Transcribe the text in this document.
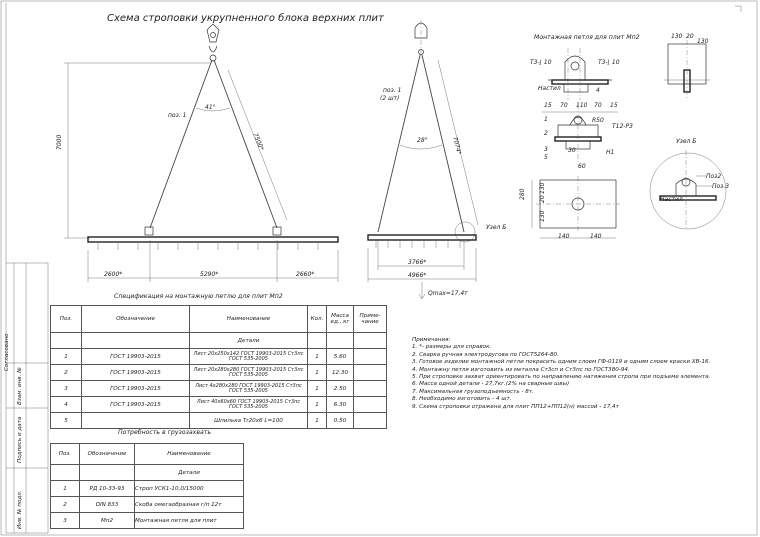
Схема строповки укрупненного блока верхних плит
поз. 1
41°
7000	7500*
2600*	5290*	2660*
поз. 1
(2 шт)
28°	7074*
Узел Б
3766*
4966*
Qmax=17,4т
Монтажная петля для плит Мп2
Т3-⌊ 10	Т3-⌊ 10
Настил	4
15 70 110 70 15
R50
Т12-Р3
1
2
3
5
30	Н1
60
280
130
20
130
140	140
130 20
130
Узел Б
Поз2
Поз.3
Настил
Спецификация на монтажную петлю для плит Мп2
Поз.	Обозначение	Наименование	Кол.	Масса ед., кг	Приме- чание
		Детали			
1	ГОСТ 19903-2015	Лист 20х250х142 ГОСТ 19903-2015 Ст3пс ГОСТ 535-2005	1	5.60	
2	ГОСТ 19903-2015	Лист 20х280х280 ГОСТ 19903-2015 Ст3пс ГОСТ 535-2005	1	12.30	
3	ГОСТ 19903-2015	Лист 4х280х280 ГОСТ 19903-2015 Ст3пс ГОСТ 535-2005	1	2.50	
4	ГОСТ 19903-2015	Лист 40х60х60 ГОСТ 19903-2015 Ст3пс ГОСТ 535-2005	1	6.30	
5		Шпилька Тr20х6 L=100	1	0.50	
Потребность в грузозахвать
Поз.	Обозначение	Наименование
		Детали
1	РД 10-33-93	Строп УСК1-10,0/15000
2	DIN 833	Скоба омегаобразная г/п 12т
3	Мп2	Монтажная петля для плит
Примечания:
1. *- размеры для справок.
2. Сварка ручная электродугова по ГОСТ5264-80.
3. Готовое изделие монтажной петли покрасить одним слоем ГФ-0119 и одним слоем краски ХВ-16.
4. Монтажну петля изготовить из металла Ст3сп и Ст3пс по ГОСТ380-94.
5. При строповке захват ориентировать по направлению натяжения стропа при подъеме элемента.
6. Масса одной детали - 27,7кг.(2% на сварные швы)
7. Максимальная грузоподъемность - 8т.
8. Необходимо изготовить - 4 шт.
9. Схема строповки отражена для плит ПП12+ПП12(н) массой - 17,4т
Согласовано
Взам. инв. №
Подпись и дата
Инв. № подл.
